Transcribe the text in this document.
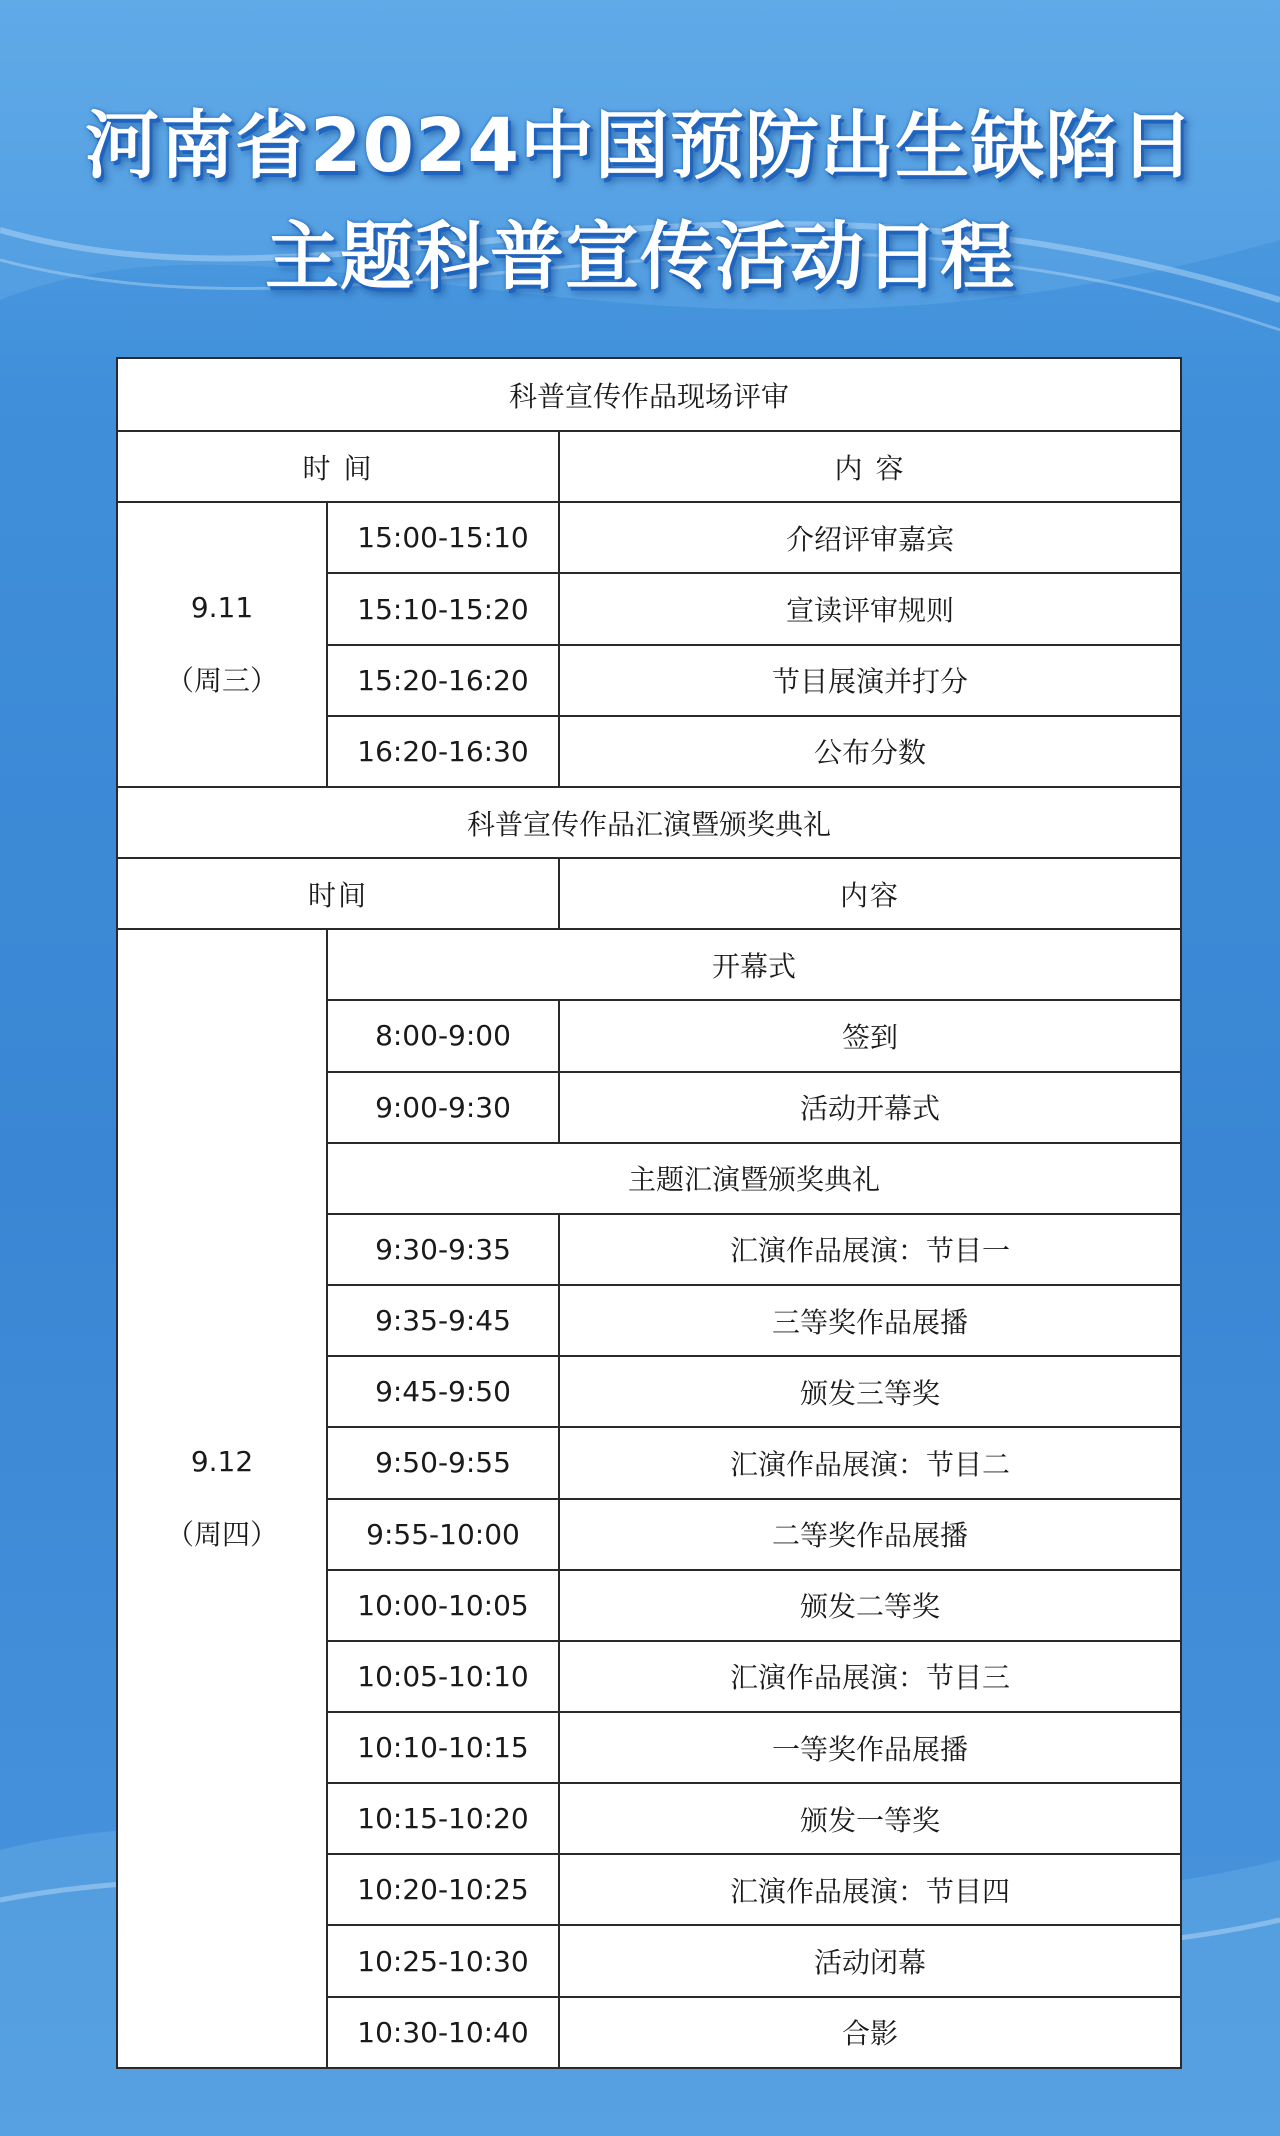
河南省2024中国预防出生缺陷日
主题科普宣传活动日程
科普宣传作品现场评审		
时 间		内 容

9.11
（周三）	15:00-15:10	介绍评审嘉宾
	15:10-15:20	宣读评审规则
	15:20-16:20	节目展演并打分
	16:20-16:30	公布分数
科普宣传作品汇演暨颁奖典礼		
时间		内容

9.12
（周四）	开幕式	
	8:00-9:00	签到
	9:00-9:30	活动开幕式
	主题汇演暨颁奖典礼	
	9:30-9:35	汇演作品展演：节目一
	9:35-9:45	三等奖作品展播
	9:45-9:50	颁发三等奖
	9:50-9:55	汇演作品展演：节目二
	9:55-10:00	二等奖作品展播
	10:00-10:05	颁发二等奖
	10:05-10:10	汇演作品展演：节目三
	10:10-10:15	一等奖作品展播
	10:15-10:20	颁发一等奖
	10:20-10:25	汇演作品展演：节目四
	10:25-10:30	活动闭幕
	10:30-10:40	合影
